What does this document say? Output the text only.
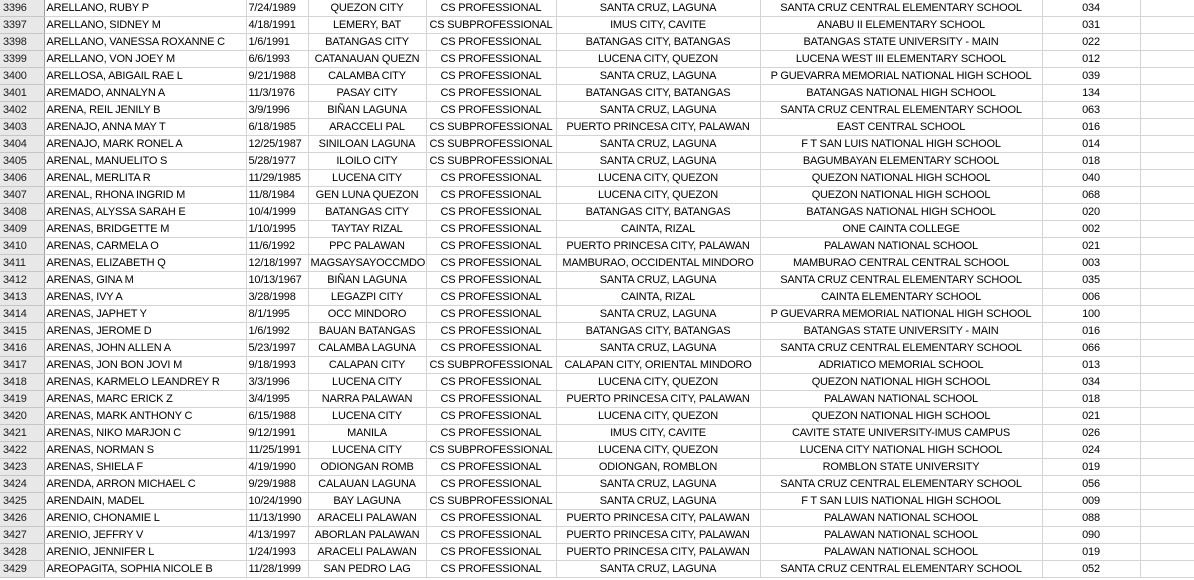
3396	ARELLANO, RUBY P	7/24/1989	QUEZON CITY	CS PROFESSIONAL	SANTA CRUZ, LAGUNA	SANTA CRUZ CENTRAL ELEMENTARY SCHOOL	034	
3397	ARELLANO, SIDNEY M	4/18/1991	LEMERY, BAT	CS SUBPROFESSIONAL	IMUS CITY, CAVITE	ANABU II ELEMENTARY SCHOOL	031	
3398	ARELLANO, VANESSA ROXANNE C	1/6/1991	BATANGAS CITY	CS PROFESSIONAL	BATANGAS CITY, BATANGAS	BATANGAS STATE UNIVERSITY - MAIN	022	
3399	ARELLANO, VON JOEY M	6/6/1993	CATANAUAN QUEZN	CS PROFESSIONAL	LUCENA CITY, QUEZON	LUCENA WEST III ELEMENTARY SCHOOL	012	
3400	ARELLOSA, ABIGAIL RAE L	9/21/1988	CALAMBA CITY	CS PROFESSIONAL	SANTA CRUZ, LAGUNA	P GUEVARRA MEMORIAL NATIONAL HIGH SCHOOL	039	
3401	AREMADO, ANNALYN A	11/3/1976	PASAY CITY	CS PROFESSIONAL	BATANGAS CITY, BATANGAS	BATANGAS NATIONAL HIGH SCHOOL	134	
3402	ARENA, REIL JENILY B	3/9/1996	BIÑAN LAGUNA	CS PROFESSIONAL	SANTA CRUZ, LAGUNA	SANTA CRUZ CENTRAL ELEMENTARY SCHOOL	063	
3403	ARENAJO, ANNA MAY T	6/18/1985	ARACCELI PAL	CS SUBPROFESSIONAL	PUERTO PRINCESA CITY, PALAWAN	EAST CENTRAL SCHOOL	016	
3404	ARENAJO, MARK RONEL A	12/25/1987	SINILOAN LAGUNA	CS SUBPROFESSIONAL	SANTA CRUZ, LAGUNA	F T SAN LUIS NATIONAL HIGH SCHOOL	014	
3405	ARENAL, MANUELITO S	5/28/1977	ILOILO CITY	CS SUBPROFESSIONAL	SANTA CRUZ, LAGUNA	BAGUMBAYAN ELEMENTARY SCHOOL	018	
3406	ARENAL, MERLITA R	11/29/1985	LUCENA CITY	CS PROFESSIONAL	LUCENA CITY, QUEZON	QUEZON NATIONAL HIGH SCHOOL	040	
3407	ARENAL, RHONA INGRID M	11/8/1984	GEN LUNA QUEZON	CS PROFESSIONAL	LUCENA CITY, QUEZON	QUEZON NATIONAL HIGH SCHOOL	068	
3408	ARENAS, ALYSSA SARAH E	10/4/1999	BATANGAS CITY	CS PROFESSIONAL	BATANGAS CITY, BATANGAS	BATANGAS NATIONAL HIGH SCHOOL	020	
3409	ARENAS, BRIDGETTE M	1/10/1995	TAYTAY RIZAL	CS PROFESSIONAL	CAINTA, RIZAL	ONE CAINTA COLLEGE	002	
3410	ARENAS, CARMELA O	11/6/1992	PPC PALAWAN	CS PROFESSIONAL	PUERTO PRINCESA CITY, PALAWAN	PALAWAN NATIONAL SCHOOL	021	
3411	ARENAS, ELIZABETH Q	12/18/1997	MAGSAYSAYOCCMDO	CS PROFESSIONAL	MAMBURAO, OCCIDENTAL MINDORO	MAMBURAO CENTRAL CENTRAL SCHOOL	003	
3412	ARENAS, GINA M	10/13/1967	BIÑAN LAGUNA	CS PROFESSIONAL	SANTA CRUZ, LAGUNA	SANTA CRUZ CENTRAL ELEMENTARY SCHOOL	035	
3413	ARENAS, IVY A	3/28/1998	LEGAZPI CITY	CS PROFESSIONAL	CAINTA, RIZAL	CAINTA ELEMENTARY SCHOOL	006	
3414	ARENAS, JAPHET Y	8/1/1995	OCC MINDORO	CS PROFESSIONAL	SANTA CRUZ, LAGUNA	P GUEVARRA MEMORIAL NATIONAL HIGH SCHOOL	100	
3415	ARENAS, JEROME D	1/6/1992	BAUAN BATANGAS	CS PROFESSIONAL	BATANGAS CITY, BATANGAS	BATANGAS STATE UNIVERSITY - MAIN	016	
3416	ARENAS, JOHN ALLEN A	5/23/1997	CALAMBA LAGUNA	CS PROFESSIONAL	SANTA CRUZ, LAGUNA	SANTA CRUZ CENTRAL ELEMENTARY SCHOOL	066	
3417	ARENAS, JON BON JOVI M	9/18/1993	CALAPAN CITY	CS SUBPROFESSIONAL	CALAPAN CITY, ORIENTAL MINDORO	ADRIATICO MEMORIAL SCHOOL	013	
3418	ARENAS, KARMELO LEANDREY R	3/3/1996	LUCENA CITY	CS PROFESSIONAL	LUCENA CITY, QUEZON	QUEZON NATIONAL HIGH SCHOOL	034	
3419	ARENAS, MARC ERICK Z	3/4/1995	NARRA PALAWAN	CS PROFESSIONAL	PUERTO PRINCESA CITY, PALAWAN	PALAWAN NATIONAL SCHOOL	018	
3420	ARENAS, MARK ANTHONY C	6/15/1988	LUCENA CITY	CS PROFESSIONAL	LUCENA CITY, QUEZON	QUEZON NATIONAL HIGH SCHOOL	021	
3421	ARENAS, NIKO MARJON C	9/12/1991	MANILA	CS PROFESSIONAL	IMUS CITY, CAVITE	CAVITE STATE UNIVERSITY-IMUS CAMPUS	026	
3422	ARENAS, NORMAN S	11/25/1991	LUCENA CITY	CS SUBPROFESSIONAL	LUCENA CITY, QUEZON	LUCENA CITY NATIONAL HIGH SCHOOL	024	
3423	ARENAS, SHIELA F	4/19/1990	ODIONGAN ROMB	CS PROFESSIONAL	ODIONGAN, ROMBLON	ROMBLON STATE UNIVERSITY	019	
3424	ARENDA, ARRON MICHAEL C	9/29/1988	CALAUAN LAGUNA	CS PROFESSIONAL	SANTA CRUZ, LAGUNA	SANTA CRUZ CENTRAL ELEMENTARY SCHOOL	056	
3425	ARENDAIN, MADEL	10/24/1990	BAY LAGUNA	CS SUBPROFESSIONAL	SANTA CRUZ, LAGUNA	F T SAN LUIS NATIONAL HIGH SCHOOL	009	
3426	ARENIO, CHONAMIE L	11/13/1990	ARACELI PALAWAN	CS PROFESSIONAL	PUERTO PRINCESA CITY, PALAWAN	PALAWAN NATIONAL SCHOOL	088	
3427	ARENIO, JEFFRY V	4/13/1997	ABORLAN PALAWAN	CS PROFESSIONAL	PUERTO PRINCESA CITY, PALAWAN	PALAWAN NATIONAL SCHOOL	090	
3428	ARENIO, JENNIFER L	1/24/1993	ARACELI PALAWAN	CS PROFESSIONAL	PUERTO PRINCESA CITY, PALAWAN	PALAWAN NATIONAL SCHOOL	019	
3429	AREOPAGITA, SOPHIA NICOLE B	11/28/1999	SAN PEDRO LAG	CS PROFESSIONAL	SANTA CRUZ, LAGUNA	SANTA CRUZ CENTRAL ELEMENTARY SCHOOL	052	
